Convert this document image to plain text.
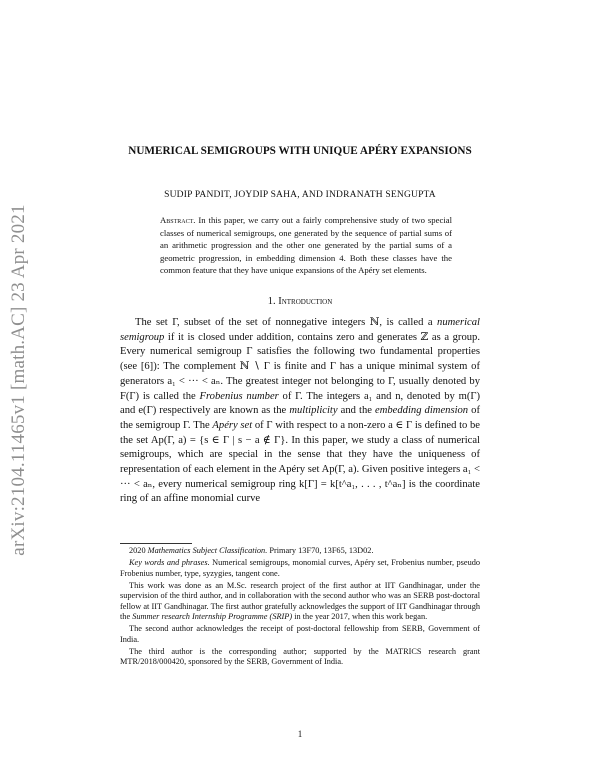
arXiv:2104.11465v1 [math.AC] 23 Apr 2021
NUMERICAL SEMIGROUPS WITH UNIQUE APÉRY EXPANSIONS
SUDIP PANDIT, JOYDIP SAHA, AND INDRANATH SENGUPTA
Abstract. In this paper, we carry out a fairly comprehensive study of two special classes of numerical semigroups, one generated by the sequence of partial sums of an arithmetic progression and the other one generated by the partial sums of a geometric progression, in embedding dimension 4. Both these classes have the common feature that they have unique expansions of the Apéry set elements.
1. Introduction

The set Γ, subset of the set of nonnegative integers ℕ, is called a numerical semigroup if it is closed under addition, contains zero and generates ℤ as a group. Every numerical semigroup Γ satisfies the following two fundamental properties (see [6]): The complement ℕ ∖ Γ is finite and Γ has a unique minimal system of generators a₁ < ··· < aₙ. The greatest integer not belonging to Γ, usually denoted by F(Γ) is called the Frobenius number of Γ. The integers a₁ and n, denoted by m(Γ) and e(Γ) respectively are known as the multiplicity and the embedding dimension of the semigroup Γ. The Apéry set of Γ with respect to a non-zero a ∈ Γ is defined to be the set Ap(Γ, a) = {s ∈ Γ | s − a ∉ Γ}. In this paper, we study a class of numerical semigroups, which are special in the sense that they have the uniqueness of representation of each element in the Apéry set Ap(Γ, a). Given positive integers a₁ < ··· < aₙ, every numerical semigroup ring k[Γ] = k[t^a₁, . . . , t^aₙ] is the coordinate ring of an affine monomial curve

2020 Mathematics Subject Classification. Primary 13F70, 13F65, 13D02.

Key words and phrases. Numerical semigroups, monomial curves, Apéry set, Frobenius number, pseudo Frobenius number, type, syzygies, tangent cone.

This work was done as an M.Sc. research project of the first author at IIT Gandhinagar, under the supervision of the third author, and in collaboration with the second author who was an SERB post-doctoral fellow at IIT Gandhinagar. The first author gratefully acknowledges the support of IIT Gandhinagar through the Summer research Internship Programme (SRIP) in the year 2017, when this work began.

The second author acknowledges the receipt of post-doctoral fellowship from SERB, Government of India.

The third author is the corresponding author; supported by the MATRICS research grant MTR/2018/000420, sponsored by the SERB, Government of India.

1
